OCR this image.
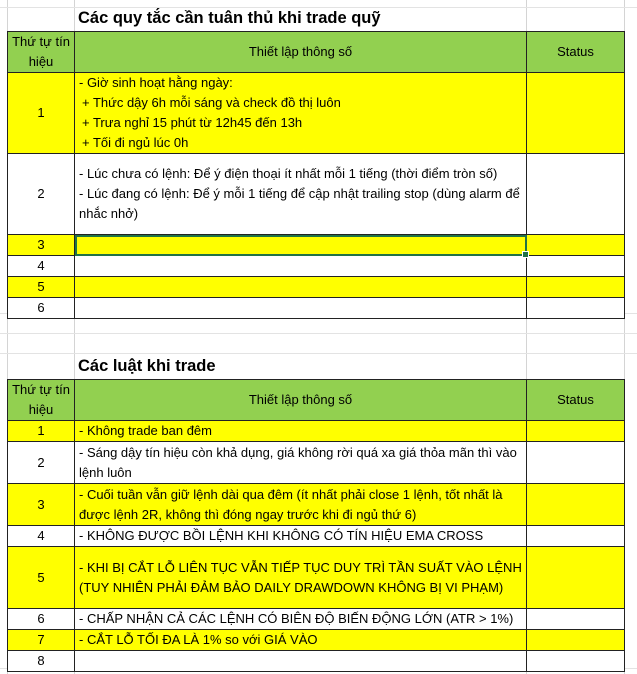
Các quy tắc cần tuân thủ khi trade quỹ
Thứ tự tín hiệu	Thiết lập thông số	Status
1	- Giờ sinh hoạt hằng ngày:
+ Thức dậy 6h mỗi sáng và check đồ thị luôn
+ Trưa nghỉ 15 phút từ 12h45 đến 13h
+ Tối đi ngủ lúc 0h	

2	- Lúc chưa có lệnh: Để ý điện thoại ít nhất mỗi 1 tiếng (thời điểm tròn số)
- Lúc đang có lệnh: Để ý mỗi 1 tiếng để cập nhật trailing stop (dùng alarm để nhắc nhở)	

3	

4		
5		
6		
Các luật khi trade
Thứ tự tín hiệu	Thiết lập thông số	Status
1	- Không trade ban đêm	

2	- Sáng dậy tín hiệu còn khả dụng, giá không rời quá xa giá thỏa mãn thì vào lệnh luôn	

3	- Cuối tuần vẫn giữ lệnh dài qua đêm (ít nhất phải close 1 lệnh, tốt nhất là được lệnh 2R, không thì đóng ngay trước khi đi ngủ thứ 6)	

4	- KHÔNG ĐƯỢC BỒI LỆNH KHI KHÔNG CÓ TÍN HIỆU EMA CROSS	

5	- KHI BỊ CẮT LỖ LIÊN TỤC VẪN TIẾP TỤC DUY TRÌ TẦN SUẤT VÀO LỆNH (TUY NHIÊN PHẢI ĐẢM BẢO DAILY DRAWDOWN KHÔNG BỊ VI PHẠM)	

6	- CHẤP NHẬN CẢ CÁC LỆNH CÓ BIÊN ĐỘ BIẾN ĐỘNG LỚN (ATR > 1%)	

7	- CẮT LỖ TỐI ĐA LÀ 1% so với GIÁ VÀO	

8		
